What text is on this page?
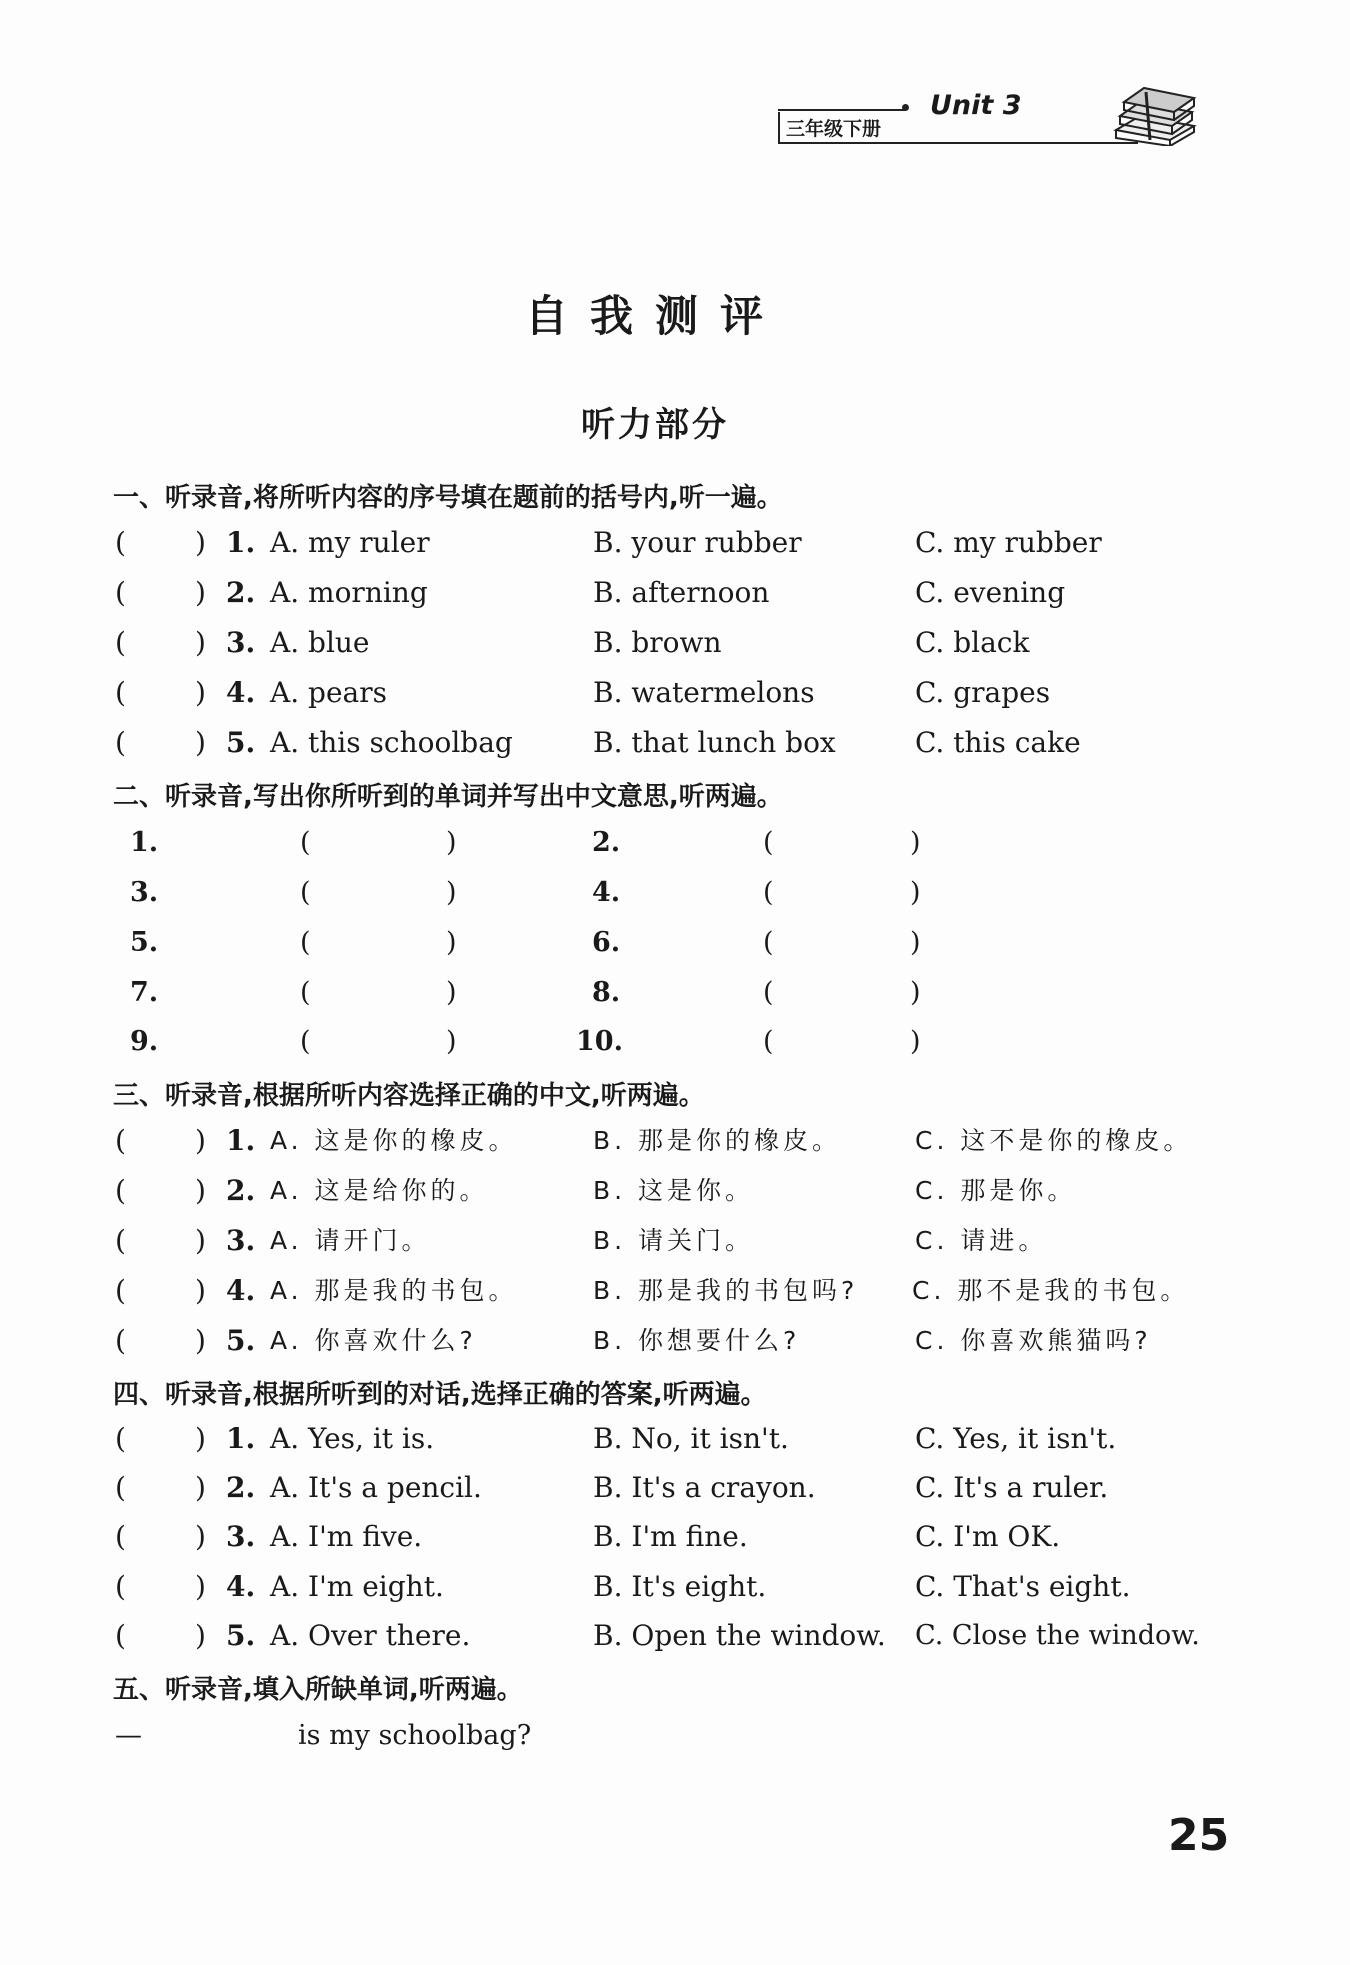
三年级下册
Unit 3
自我测评
听力部分
一、听录音,将所听内容的序号填在题前的括号内,听一遍。
( ) 1. A. my ruler	B. your rubber	C. my rubber
( ) 2. A. morning	B. afternoon	C. evening
( ) 3. A. blue	B. brown	C. black
( ) 4. A. pears	B. watermelons	C. grapes
( ) 5. A. this schoolbag	B. that lunch box	C. this cake
二、听录音,写出你所听到的单词并写出中文意思,听两遍。
1.	(	)	2.	(	)
3.	(	)	4.	(	)
5.	(	)	6.	(	)
7.	(	)	8.	(	)
9.	(	)	10.	(	)
三、听录音,根据所听内容选择正确的中文,听两遍。
( ) 1. A. 这是你的橡皮。	B. 那是你的橡皮。	C. 这不是你的橡皮。
( ) 2. A. 这是给你的。	B. 这是你。	C. 那是你。
( ) 3. A. 请开门。	B. 请关门。	C. 请进。
( ) 4. A. 那是我的书包。	B. 那是我的书包吗? C. 那不是我的书包。
( ) 5. A. 你喜欢什么?	B. 你想要什么?	C. 你喜欢熊猫吗?
四、听录音,根据所听到的对话,选择正确的答案,听两遍。
( ) 1. A. Yes, it is.	B. No, it isn't.	C. Yes, it isn't.
( ) 2. A. It's a pencil.	B. It's a crayon.	C. It's a ruler.
( ) 3. A. I'm five.	B. I'm fine.	C. I'm OK.
( ) 4. A. I'm eight.	B. It's eight.	C. That's eight.
( ) 5. A. Over there.	B. Open the window. C. Close the window.
五、听录音,填入所缺单词,听两遍。
—	is my schoolbag?
25
